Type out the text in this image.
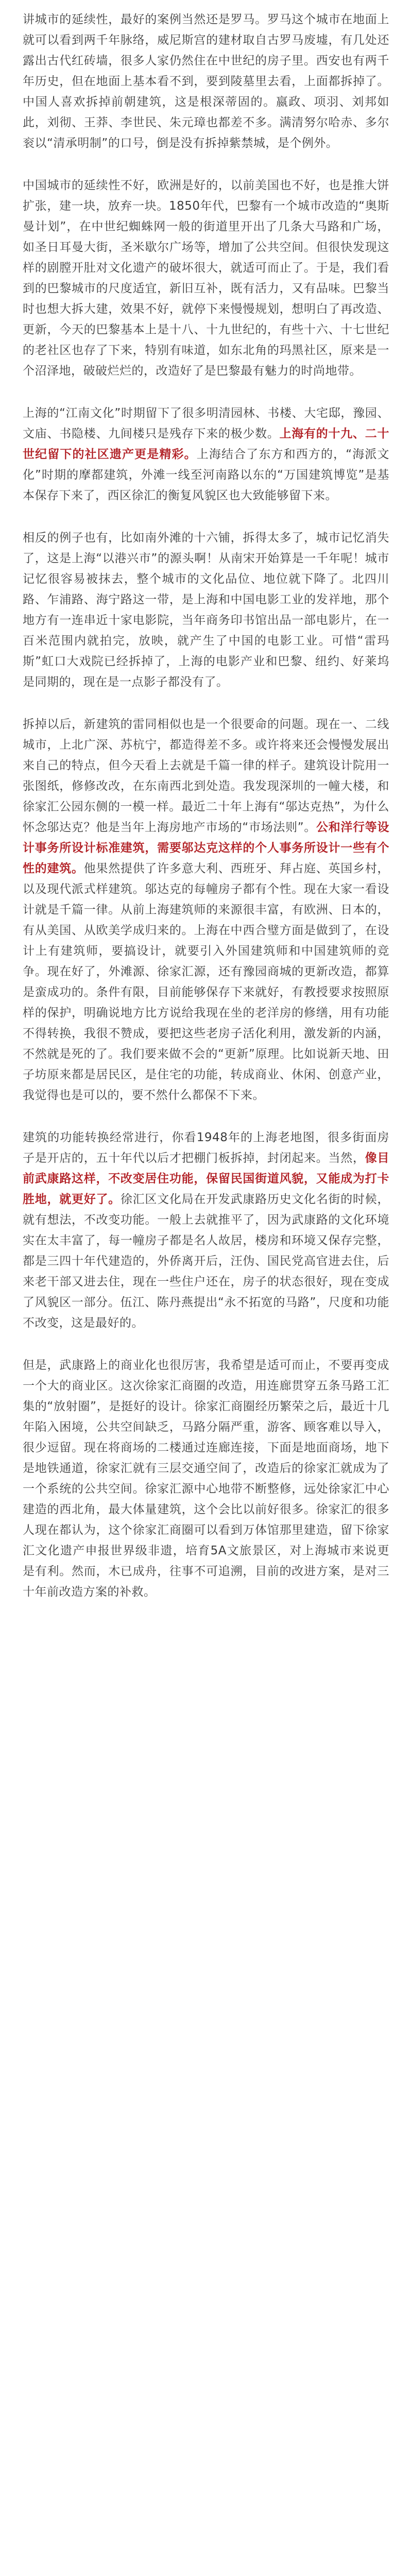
讲城市的延续性，最好的案例当然还是罗马。罗马这个城市在地面上就可以看到两千年脉络，威尼斯宫的建材取自古罗马废墟，有几处还露出古代红砖墙，很多人家仍然住在中世纪的房子里。西安也有两千年历史，但在地面上基本看不到，要到陵墓里去看，上面都拆掉了。中国人喜欢拆掉前朝建筑，这是根深蒂固的。嬴政、项羽、刘邦如此，刘彻、王莽、李世民、朱元璋也都差不多。满清努尔哈赤、多尔衮以“清承明制”的口号，倒是没有拆掉紫禁城，是个例外。

中国城市的延续性不好，欧洲是好的，以前美国也不好，也是推大饼扩张，建一块，放弃一块。1850年代，巴黎有一个城市改造的“奥斯曼计划”，在中世纪蜘蛛网一般的街道里开出了几条大马路和广场，如圣日耳曼大街，圣米歇尔广场等，增加了公共空间。但很快发现这样的剧膛开肚对文化遗产的破坏很大，就适可而止了。于是，我们看到的巴黎城市的尺度适宜，新旧互补，既有活力，又有品味。巴黎当时也想大拆大建，效果不好，就停下来慢慢规划，想明白了再改造、更新，今天的巴黎基本上是十八、十九世纪的，有些十六、十七世纪的老社区也存了下来，特别有味道，如东北角的玛黑社区，原来是一个沼泽地，破破烂烂的，改造好了是巴黎最有魅力的时尚地带。

上海的“江南文化”时期留下了很多明清园林、书楼、大宅邸，豫园、文庙、书隐楼、九间楼只是残存下来的极少数。上海有的十九、二十世纪留下的社区遗产更是精彩。上海结合了东方和西方的，“海派文化”时期的摩都建筑，外滩一线至河南路以东的“万国建筑博览”是基本保存下来了，西区徐汇的衡复风貌区也大致能够留下来。

相反的例子也有，比如南外滩的十六铺，拆得太多了，城市记忆消失了，这是上海“以港兴市”的源头啊！从南宋开始算是一千年呢！城市记忆很容易被抹去，整个城市的文化品位、地位就下降了。北四川路、乍浦路、海宁路这一带，是上海和中国电影工业的发祥地，那个地方有一连串近十家电影院，当年商务印书馆出品一部电影片，在一百米范围内就拍完，放映，就产生了中国的电影工业。可惜“雷玛斯”虹口大戏院已经拆掉了，上海的电影产业和巴黎、纽约、好莱坞是同期的，现在是一点影子都没有了。

拆掉以后，新建筑的雷同相似也是一个很要命的问题。现在一、二线城市，上北广深、苏杭宁，都造得差不多。或许将来还会慢慢发展出来自己的特点，但今天看上去就是千篇一律的样子。建筑设计院用一张图纸，修修改改，在东南西北到处造。我发现深圳的一幢大楼，和徐家汇公园东侧的一模一样。最近二十年上海有“邬达克热”，为什么怀念邬达克？他是当年上海房地产市场的“市场法则”。公和洋行等设计事务所设计标准建筑，需要邬达克这样的个人事务所设计一些有个性的建筑。他果然提供了许多意大利、西班牙、拜占庭、英国乡村，以及现代派式样建筑。邬达克的每幢房子都有个性。现在大家一看设计就是千篇一律。从前上海建筑师的来源很丰富，有欧洲、日本的，有从美国、从欧美学成归来的。上海在中西合璧方面是做到了，在设计上有建筑师，要搞设计，就要引入外国建筑师和中国建筑师的竞争。现在好了，外滩源、徐家汇源，还有豫园商城的更新改造，都算是蛮成功的。条件有限，目前能够保存下来就好，有教授要求按照原样的保护，明确说地方比方说给我现在坐的老洋房的修缮，用有功能不得转换，我很不赞成，要把这些老房子活化利用，激发新的内涵，不然就是死的了。我们要来做不会的“更新”原理。比如说新天地、田子坊原来都是居民区，是住宅的功能，转成商业、休闲、创意产业，我觉得也是可以的，要不然什么都保不下来。

建筑的功能转换经常进行，你看1948年的上海老地图，很多街面房子是开店的，五十年代以后才把棚门板拆掉，封闭起来。当然，像目前武康路这样，不改变居住功能，保留民国街道风貌，又能成为打卡胜地，就更好了。徐汇区文化局在开发武康路历史文化名街的时候，就有想法，不改变功能。一般上去就推平了，因为武康路的文化环境实在太丰富了，每一幢房子都是名人故居，楼房和环境又保存完整，都是三四十年代建造的，外侨离开后，汪伪、国民党高官进去住，后来老干部又进去住，现在一些住户还在，房子的状态很好，现在变成了风貌区一部分。伍江、陈丹燕提出“永不拓宽的马路”，尺度和功能不改变，这是最好的。

但是，武康路上的商业化也很厉害，我希望是适可而止，不要再变成一个大的商业区。这次徐家汇商圈的改造，用连廊贯穿五条马路工汇集的“放射圈”，是挺好的设计。徐家汇商圈经历繁荣之后，最近十几年陷入困境，公共空间缺乏，马路分隔严重，游客、顾客难以导入，很少逗留。现在将商场的二楼通过连廊连接，下面是地面商场，地下是地铁通道，徐家汇就有三层交通空间了，改造后的徐家汇就成为了一个系统的公共空间。徐家汇源中心地带不断整修，远处徐家汇中心建造的西北角，最大体量建筑，这个会比以前好很多。徐家汇的很多人现在都认为，这个徐家汇商圈可以看到万体馆那里建造，留下徐家汇文化遗产申报世界级非遗，培育5A文旅景区，对上海城市来说更是有利。然而，木已成舟，往事不可追溯，目前的改进方案，是对三十年前改造方案的补救。
